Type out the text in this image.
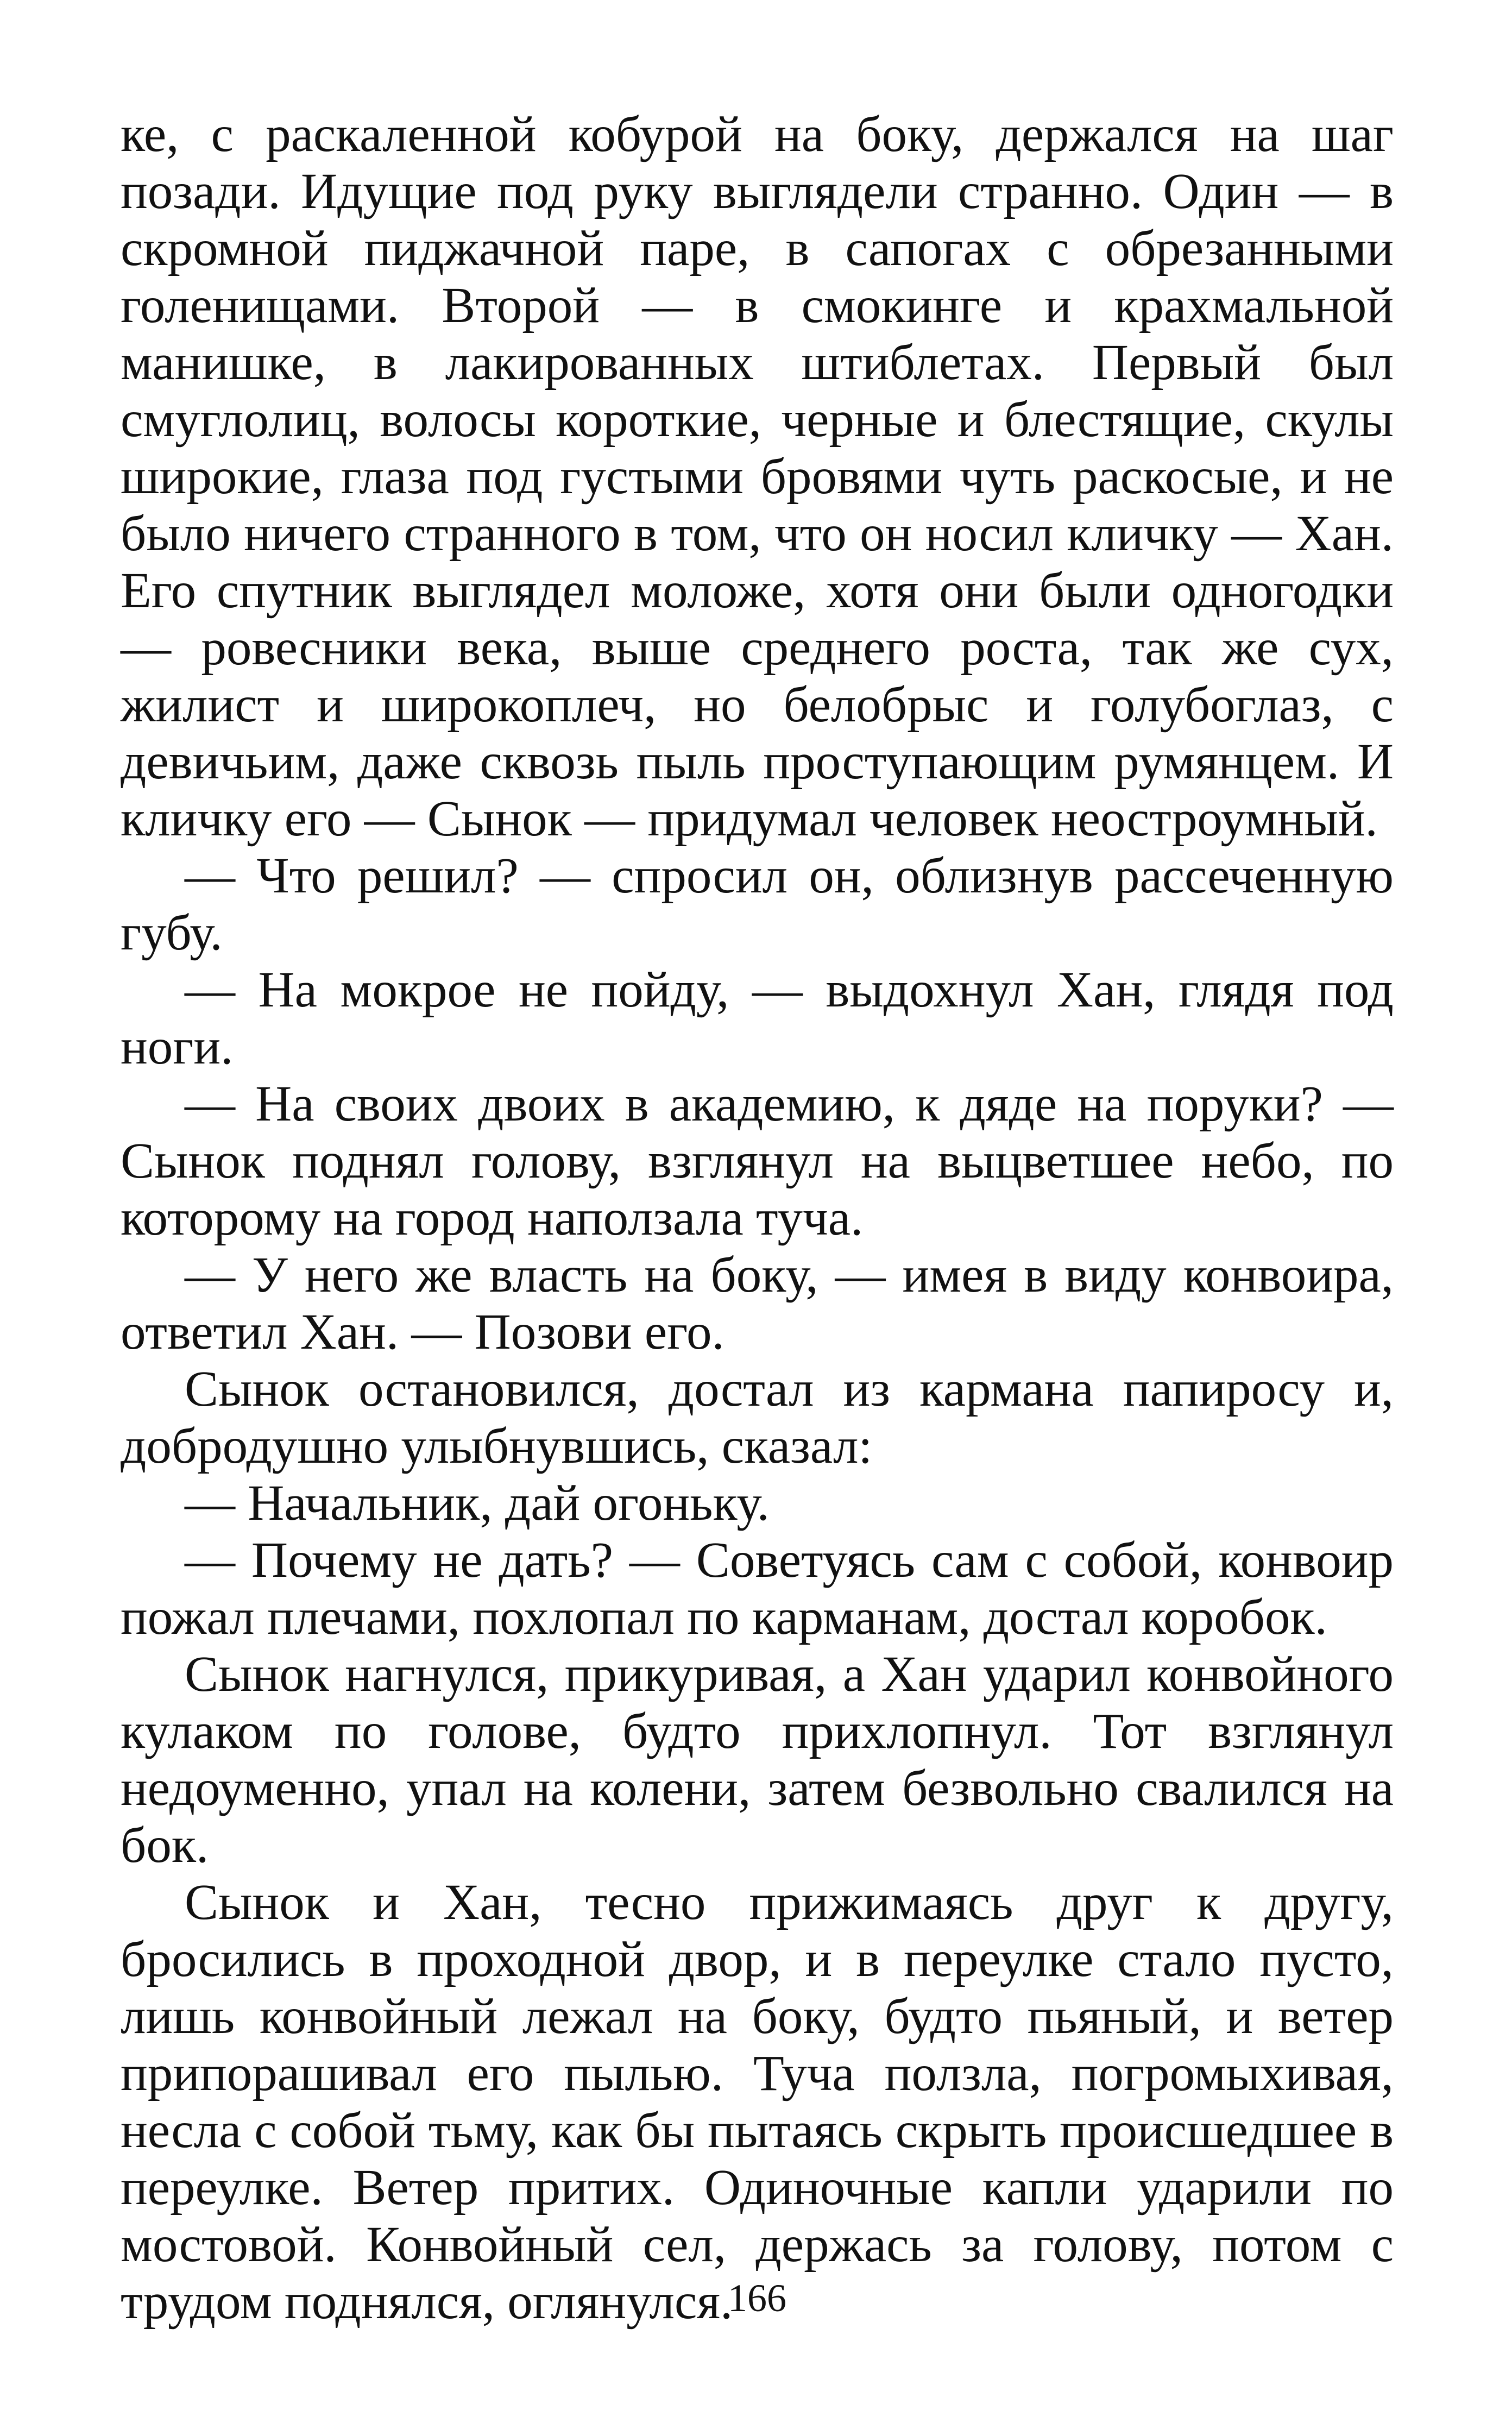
ке, с раскаленной кобурой на боку, держался на шаг позади. Идущие под руку выглядели странно. Один — в скромной пиджачной паре, в сапогах с обрезанными голенищами. Второй — в смокинге и крахмальной манишке, в лакированных штиблетах. Первый был смуглолиц, волосы короткие, черные и блестящие, скулы широкие, глаза под густыми бровями чуть раскосые, и не было ничего странного в том, что он носил кличку — Хан. Его спутник выглядел моложе, хотя они были одногодки — ровесники века, выше среднего роста, так же сух, жилист и широкоплеч, но белобрыс и голубоглаз, с девичьим, даже сквозь пыль проступающим румянцем. И кличку его — Сынок — придумал человек неостроумный.

— Что решил? — спросил он, облизнув рассеченную губу.

— На мокрое не пойду, — выдохнул Хан, глядя под ноги.

— На своих двоих в академию, к дяде на поруки? — Сынок поднял голову, взглянул на выцветшее небо, по которому на город наползала туча.

— У него же власть на боку, — имея в виду конвоира, ответил Хан. — Позови его.

Сынок остановился, достал из кармана папиросу и, добродушно улыбнувшись, сказал:

— Начальник, дай огоньку.

— Почему не дать? — Советуясь сам с собой, конвоир пожал плечами, похлопал по карманам, достал коробок.

Сынок нагнулся, прикуривая, а Хан ударил конвойного кулаком по голове, будто прихлопнул. Тот взглянул недоуменно, упал на колени, затем безвольно свалился на бок.

Сынок и Хан, тесно прижимаясь друг к другу, бросились в проходной двор, и в переулке стало пусто, лишь конвойный лежал на боку, будто пьяный, и ветер припорашивал его пылью. Туча ползла, погромыхивая, несла с собой тьму, как бы пытаясь скрыть происшедшее в переулке. Ветер притих. Одиночные капли ударили по мостовой. Конвойный сел, держась за голову, потом с трудом поднялся, оглянулся.

166
